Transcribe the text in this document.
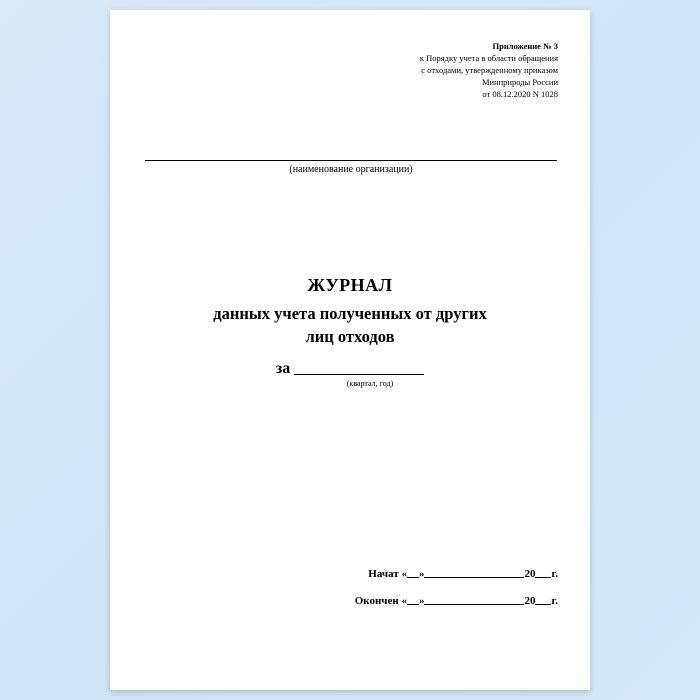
Приложение № 3
к Порядку учета в области обращения
с отходами, утвержденному приказом
Минприроды России
от 08.12.2020 N 1028
(наименование организации)
ЖУРНАЛ
данных учета полученных от других
лиц отходов
за
(квартал, год)
Начат « »	20 г.
Окончен « »	20 г.
